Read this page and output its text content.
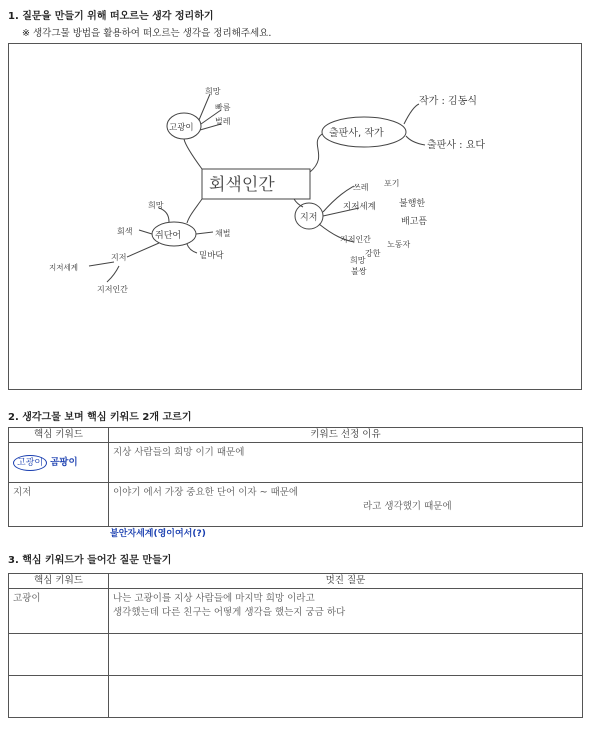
1. 질문을 만들기 위해 떠오르는 생각 정리하기
※ 생각그물 방법을 활용하여 떠오르는 생각을 정리해주세요.
회색인간
고광이
희망
빠름
벌레
출판사, 작가
작가 : 김동식
출판사 : 요다
지저
쓰레 포기
지저세계	불행한
배고픔
지저인간
노동자
강한
희망
불쌍
쥐단어
희망
회색
지저
지저세계
지저인간
채벌
밑바닥
2. 생각그물 보며 핵심 키워드 2개 고르기
핵심 키워드	키워드 선정 이유

고광이 곰팡이	지상 사람들의 희망 이기 때문에

지저	이야기 에서 가장 중요한 단어 이자 ~ 때문에
라고 생각했기 때문에
불안자세계(영이여서(?)
3. 핵심 키워드가 들어간 질문 만들기
핵심 키워드	멋진 질문

고광이	나는 고광이를 지상 사람들에 마지막 희망 이라고
생각했는데 다른 친구는 어떻게 생각을 했는지 궁금 하다
